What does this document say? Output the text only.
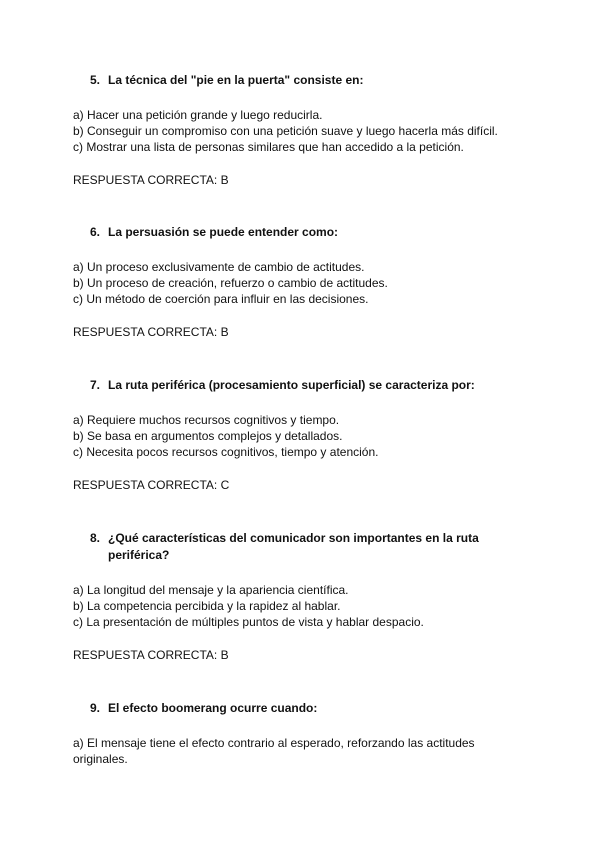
5. La técnica del "pie en la puerta" consiste en:

a) Hacer una petición grande y luego reducirla.

b) Conseguir un compromiso con una petición suave y luego hacerla más difícil.

c) Mostrar una lista de personas similares que han accedido a la petición.

RESPUESTA CORRECTA: B
6. La persuasión se puede entender como:

a) Un proceso exclusivamente de cambio de actitudes.

b) Un proceso de creación, refuerzo o cambio de actitudes.

c) Un método de coerción para influir en las decisiones.

RESPUESTA CORRECTA: B
7. La ruta periférica (procesamiento superficial) se caracteriza por:

a) Requiere muchos recursos cognitivos y tiempo.

b) Se basa en argumentos complejos y detallados.

c) Necesita pocos recursos cognitivos, tiempo y atención.

RESPUESTA CORRECTA: C
8. ¿Qué características del comunicador son importantes en la ruta periférica?

a) La longitud del mensaje y la apariencia científica.

b) La competencia percibida y la rapidez al hablar.

c) La presentación de múltiples puntos de vista y hablar despacio.

RESPUESTA CORRECTA: B
9. El efecto boomerang ocurre cuando:

a) El mensaje tiene el efecto contrario al esperado, reforzando las actitudes originales.
